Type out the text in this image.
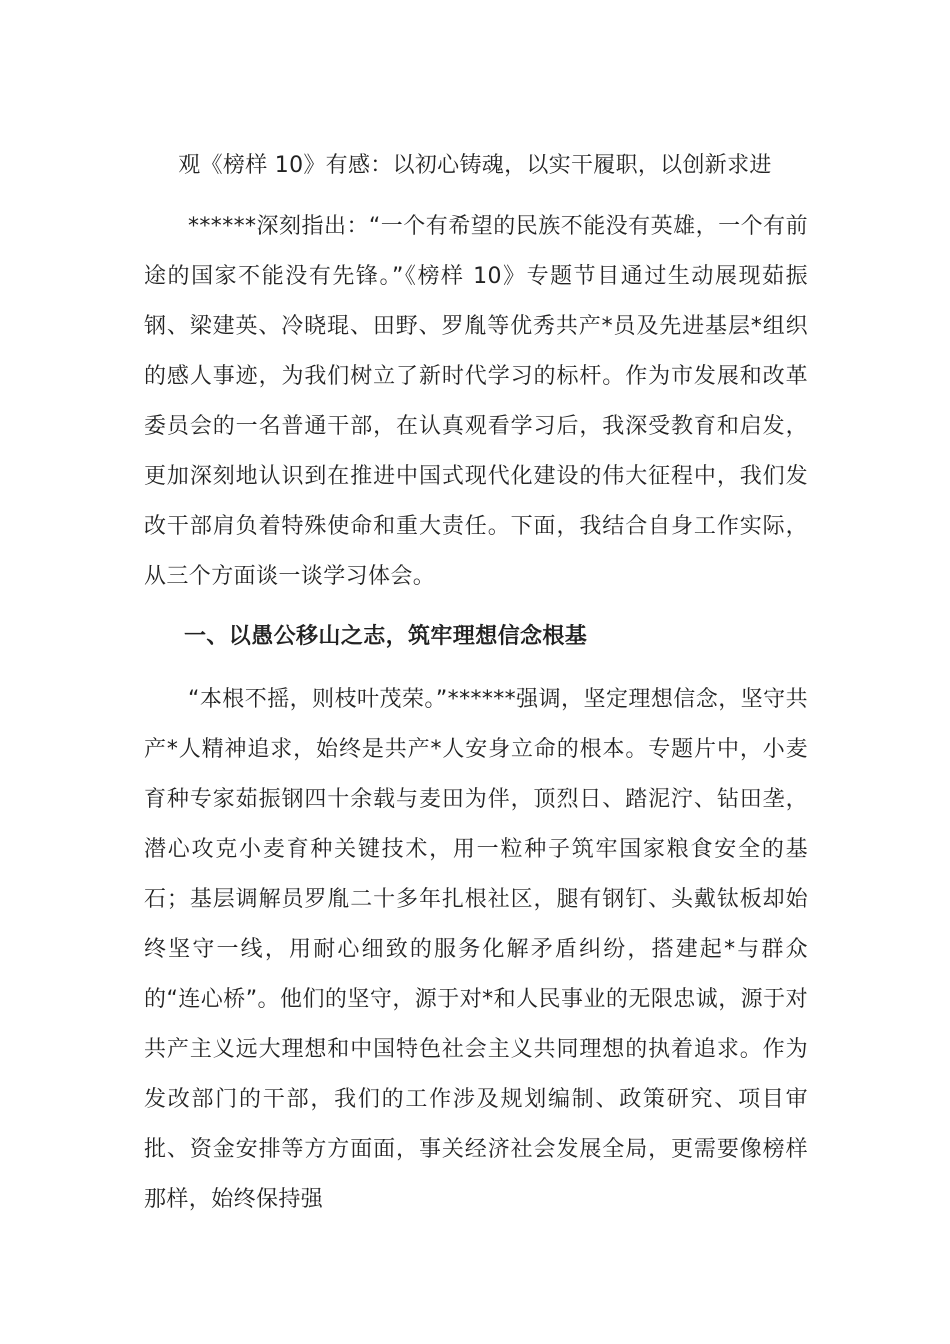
观《榜样 10》有感：以初心铸魂，以实干履职，以创新求进

******深刻指出：“一个有希望的民族不能没有英雄，一个有前途的国家不能没有先锋。”《榜样 10》专题节目通过生动展现茹振钢、梁建英、冷晓琨、田野、罗胤等优秀共产*员及先进基层*组织的感人事迹，为我们树立了新时代学习的标杆。作为市发展和改革委员会的一名普通干部，在认真观看学习后，我深受教育和启发，更加深刻地认识到在推进中国式现代化建设的伟大征程中，我们发改干部肩负着特殊使命和重大责任。下面，我结合自身工作实际，从三个方面谈一谈学习体会。

一、以愚公移山之志，筑牢理想信念根基

“本根不摇，则枝叶茂荣。”******强调，坚定理想信念，坚守共产*人精神追求，始终是共产*人安身立命的根本。专题片中，小麦育种专家茹振钢四十余载与麦田为伴，顶烈日、踏泥泞、钻田垄，潜心攻克小麦育种关键技术，用一粒种子筑牢国家粮食安全的基石；基层调解员罗胤二十多年扎根社区，腿有钢钉、头戴钛板却始终坚守一线，用耐心细致的服务化解矛盾纠纷，搭建起*与群众的“连心桥”。他们的坚守，源于对*和人民事业的无限忠诚，源于对共产主义远大理想和中国特色社会主义共同理想的执着追求。作为发改部门的干部，我们的工作涉及规划编制、政策研究、项目审批、资金安排等方方面面，事关经济社会发展全局，更需要像榜样那样，始终保持强
